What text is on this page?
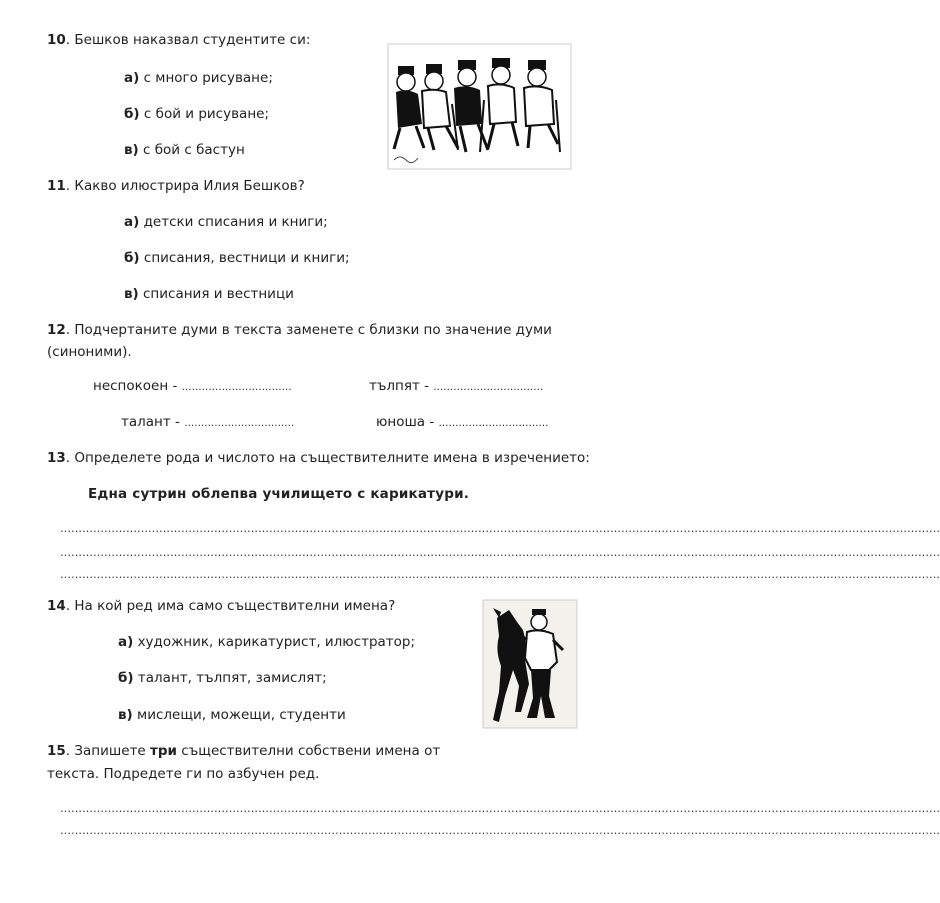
10. Бешков наказвал студентите си:
а) с много рисуване;
б) с бой и рисуване;
в) с бой с бастун
11. Какво илюстрира Илия Бешков?
а) детски списания и книги;
б) списания, вестници и книги;
в) списания и вестници
12. Подчертаните думи в текста заменете с близки по значение думи
(синоними).
неспокоен - ……………………………	тълпят - ……………………………
талант - ……………………………	юноша - ……………………………
13. Определете рода и числото на съществителните имена в изречението:
Една сутрин облепва училището с карикатури.
……………………………………………………………………………………………………………………………………………………………………………………………………………………
……………………………………………………………………………………………………………………………………………………………………………………………………………………
……………………………………………………………………………………………………………………………………………………………………………………………………………………
14. На кой ред има само съществителни имена?
а) художник, карикатурист, илюстратор;
б) талант, тълпят, замислят;
в) мислещи, можещи, студенти
15. Запишете три съществителни собствени имена от
текста. Подредете ги по азбучен ред.
……………………………………………………………………………………………………………………………………………………………………………………………………………………
……………………………………………………………………………………………………………………………………………………………………………………………………………………
